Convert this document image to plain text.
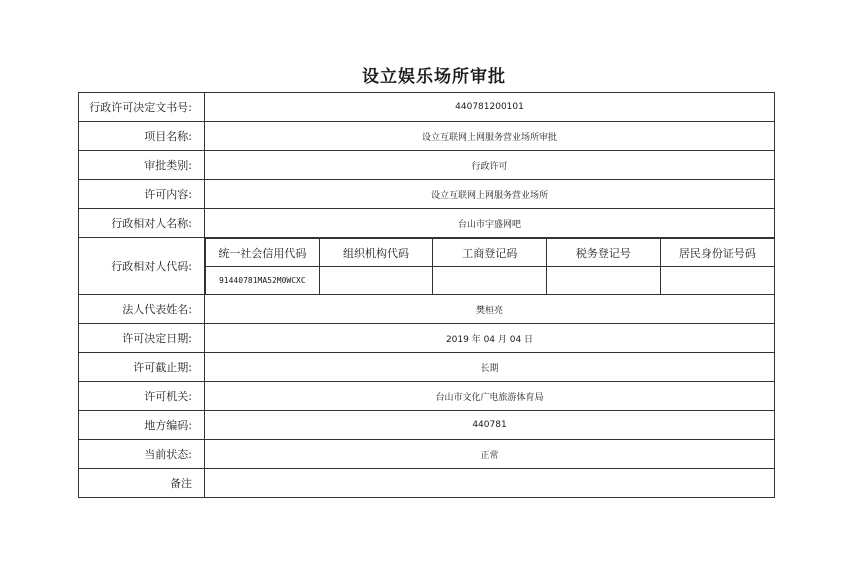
设立娱乐场所审批
行政许可决定文书号:	440781200101
项目名称:	设立互联网上网服务营业场所审批
审批类别:	行政许可
许可内容:	设立互联网上网服务营业场所
行政相对人名称:	台山市宇盛网吧
行政相对人代码:	
统一社会信用代码	组织机构代码	工商登记码	税务登记号	居民身份证号码
91440781MA52M0WCXC				

法人代表姓名:	樊桓亮
许可决定日期:	2019 年 04 月 04 日
许可截止期:	长期
许可机关:	台山市文化广电旅游体育局
地方编码:	440781
当前状态:	正常
备注	
